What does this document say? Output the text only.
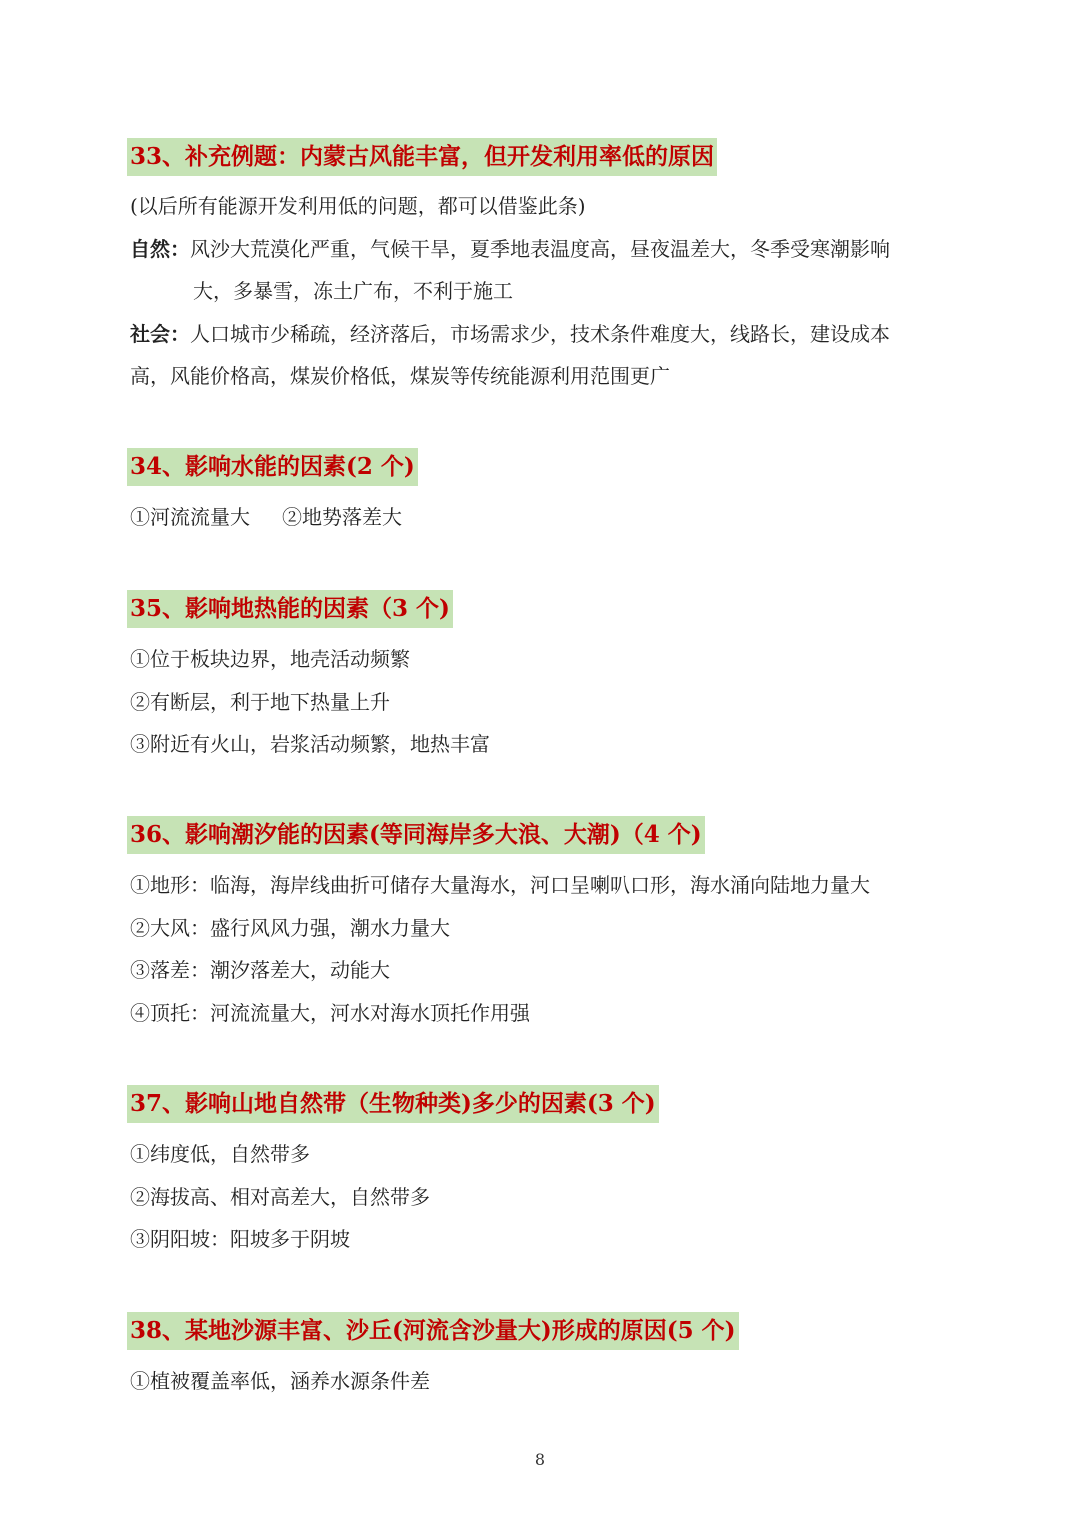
33、补充例题：内蒙古风能丰富，但开发利用率低的原因
(以后所有能源开发利用低的问题，都可以借鉴此条)
自然：风沙大荒漠化严重，气候干旱，夏季地表温度高，昼夜温差大，冬季受寒潮影响
大，多暴雪，冻土广布，不利于施工
社会：人口城市少稀疏，经济落后，市场需求少，技术条件难度大，线路长，建设成本
高，风能价格高，煤炭价格低，煤炭等传统能源利用范围更广
34、影响水能的因素(2 个)
①河流流量大 ②地势落差大
35、影响地热能的因素（3 个)
①位于板块边界，地壳活动频繁
②有断层，利于地下热量上升
③附近有火山，岩浆活动频繁，地热丰富
36、影响潮汐能的因素(等同海岸多大浪、大潮)（4 个)
①地形：临海，海岸线曲折可储存大量海水，河口呈喇叭口形，海水涌向陆地力量大
②大风：盛行风风力强，潮水力量大
③落差：潮汐落差大，动能大
④顶托：河流流量大，河水对海水顶托作用强
37、影响山地自然带（生物种类)多少的因素(3 个)
①纬度低，自然带多
②海拔高、相对高差大，自然带多
③阴阳坡：阳坡多于阴坡
38、某地沙源丰富、沙丘(河流含沙量大)形成的原因(5 个)
①植被覆盖率低，涵养水源条件差
8
